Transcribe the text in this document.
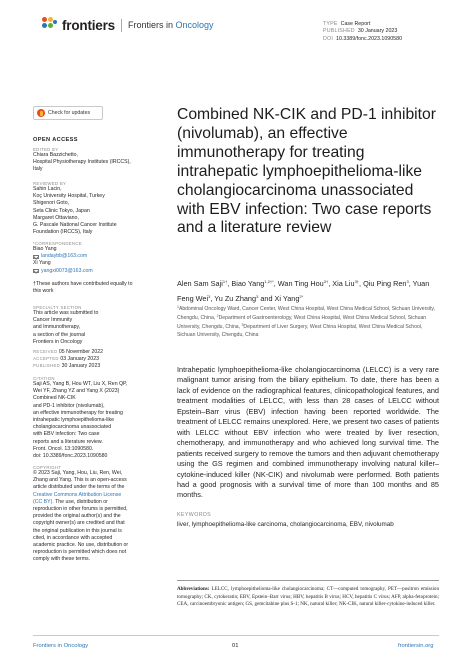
frontiers Frontiers in Oncology	TYPE Case Report
PUBLISHED 30 January 2023
DOI 10.3389/fonc.2023.1090580
Check for updates
OPEN ACCESS
EDITED BY
Chiara Bazzichetto,
Hospital Physiotherapy Institutes (IRCCS),
Italy
REVIEWED BY
Sahin Lacin,
Koç University Hospital, Turkey
Shigenori Goto,
Seta Clinic Tokyo, Japan
Margaret Ottaviano,
G. Pascale National Cancer Institute
Foundation (IRCCS), Italy
*CORRESPONDENCE
Biao Yang
landaybb@163.com
Xi Yang
yangxi0073@163.com
†These authors have contributed equally to
this work
SPECIALTY SECTION
This article was submitted to
Cancer Immunity
and Immunotherapy,
a section of the journal
Frontiers in Oncology
RECEIVED 05 November 2022
ACCEPTED 03 January 2023
PUBLISHED 30 January 2023
CITATION
Saji AS, Yang B, Hou WT, Liu X, Ren QP,
Wei YF, Zhang YZ and Yang X (2023)
Combined NK-CIK
and PD-1 inhibitor (nivolumab),
an effective immunotherapy for treating
intrahepatic lymphoepithelioma-like
cholangiocarcinoma unassociated
with EBV infection: Two case
reports and a literature review.
Front. Oncol. 13:1090580.
doi: 10.3389/fonc.2023.1090580
COPYRIGHT
© 2023 Saji, Yang, Hou, Liu, Ren, Wei,
Zhang and Yang. This is an open-access
article distributed under the terms of the
Creative Commons Attribution License
(CC BY). The use, distribution or
reproduction in other forums is permitted,
provided the original author(s) and the
copyright owner(s) are credited and that
the original publication in this journal is
cited, in accordance with accepted
academic practice. No use, distribution or
reproduction is permitted which does not
comply with these terms.
Combined NK-CIK and PD-1 inhibitor (nivolumab), an effective immunotherapy for treating intrahepatic lymphoepithelioma-like cholangiocarcinoma unassociated with EBV infection: Two case reports and a literature review
Alen Sam Saji$^{1\dagger}$, Biao Yang$^{1,2\dagger*}$, Wan Ting Hou$^{3\dagger}$, Xia Liu$^{3\dagger}$, Qiu Ping Ren$^3$, Yuan Feng Wei$^3$, Yu Zu Zhang$^3$ and Xi Yang$^{2*}$
$^1$Abdominal Oncology Ward, Cancer Center, West China Hospital, West China Medical School, Sichuan University, Chengdu, China, $^2$Department of Gastroenterology, West China Hospital, West China Medical School, Sichuan University, Chengdu, China, $^3$Department of Liver Surgery, West China Hospital, West China Medical School, Sichuan University, Chengdu, China

Intrahepatic lymphoepithelioma-like cholangiocarcinoma (LELCC) is a very rare malignant tumor arising from the biliary epithelium. To date, there has been a lack of evidence on the radiographical features, clinicopathological features, and treatment modalities of LELCC, with less than 28 cases of LELCC without Epstein–Barr virus (EBV) infection having been reported worldwide. The treatment of LELCC remains unexplored. Here, we present two cases of patients with LELCC without EBV infection who were treated by liver resection, chemotherapy, and immunotherapy and who achieved long survival time. The patients received surgery to remove the tumors and then adjuvant chemotherapy using the GS regimen and combined immunotherapy involving natural killer–cytokine-induced killer (NK-CIK) and nivolumab were performed. Both patients had a good prognosis with a survival time of more than 100 months and 85 months.

KEYWORDS
liver, lymphoepithelioma-like carcinoma, cholangiocarcinoma, EBV, nivolumab

Abbreviations: LELCC, lymphoepithelioma-like cholangiocarcinoma; CT—computed tomography, PET—positron emission tomography; CK, cytokeratin; EBV, Epstein–Barr virus; HBV, hepatitis B virus; HCV, hepatitis C virus; AFP, alpha-fetoprotein; CEA, carcinoembryonic antigen; GS, gemcitabine plus S-1; NK, natural killer; NK-CIK, natural killer-cytokine-induced killer.

Frontiers in Oncology	01	frontiersin.org
